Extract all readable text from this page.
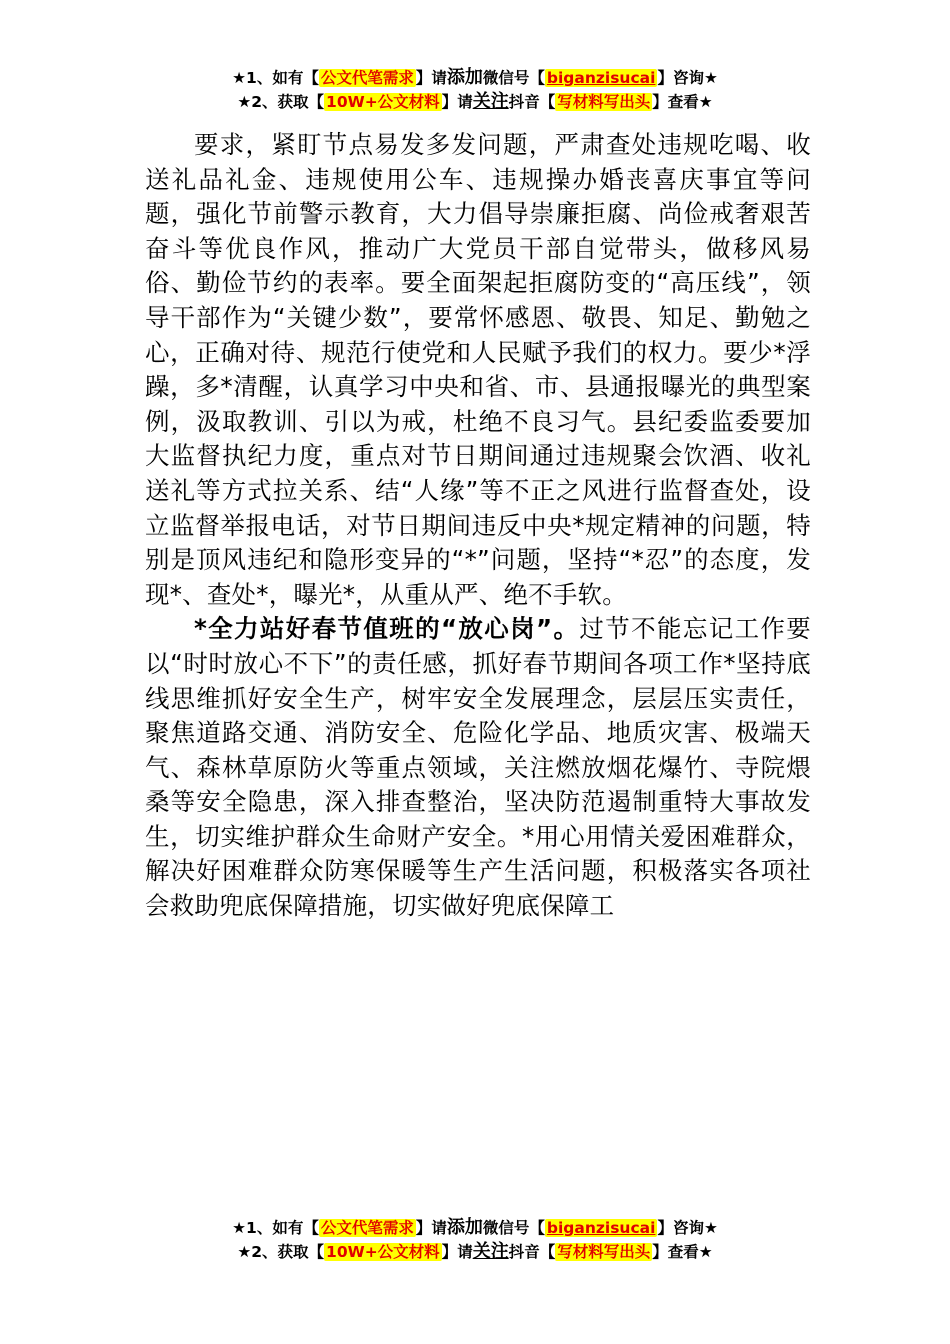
★1、如有【 公文代笔需求 】请添加微信号【 biganzisucai 】咨询★
★2、获取【 10W+公文材料 】请关注抖音【 写材料写出头 】查看★

要求，紧盯节点易发多发问题，严肃查处违规吃喝、收送礼品礼金、违规使用公车、违规操办婚丧喜庆事宜等问题，强化节前警示教育，大力倡导崇廉拒腐、尚俭戒奢艰苦奋斗等优良作风，推动广大党员干部自觉带头，做移风易俗、勤俭节约的表率。要全面架起拒腐防变的“高压线”，领导干部作为“关键少数”，要常怀感恩、敬畏、知足、勤勉之心，正确对待、规范行使党和人民赋予我们的权力。要少*浮躁，多*清醒，认真学习中央和省、市、县通报曝光的典型案例，汲取教训、引以为戒，杜绝不良习气。县纪委监委要加大监督执纪力度，重点对节日期间通过违规聚会饮酒、收礼送礼等方式拉关系、结“人缘”等不正之风进行监督查处，设立监督举报电话，对节日期间违反中央*规定精神的问题，特别是顶风违纪和隐形变异的“*”问题，坚持“*忍”的态度，发现*、查处*，曝光*，从重从严、绝不手软。

*全力站好春节值班的“放心岗”。过节不能忘记工作要以“时时放心不下”的责任感，抓好春节期间各项工作*坚持底线思维抓好安全生产，树牢安全发展理念，层层压实责任，聚焦道路交通、消防安全、危险化学品、地质灾害、极端天气、森林草原防火等重点领域，关注燃放烟花爆竹、寺院煨桑等安全隐患，深入排查整治，坚决防范遏制重特大事故发生，切实维护群众生命财产安全。*用心用情关爱困难群众，解决好困难群众防寒保暖等生产生活问题，积极落实各项社会救助兜底保障措施，切实做好兜底保障工

★1、如有【 公文代笔需求 】请添加微信号【 biganzisucai 】咨询★
★2、获取【 10W+公文材料 】请关注抖音【 写材料写出头 】查看★
